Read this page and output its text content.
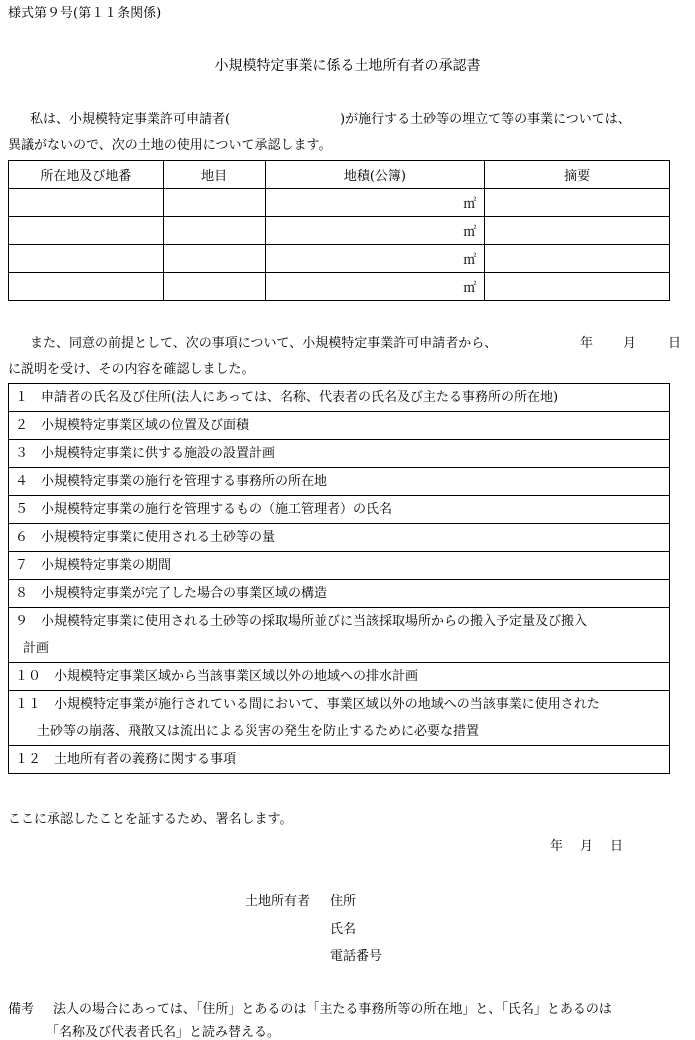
様式第９号(第１１条関係)
小規模特定事業に係る土地所有者の承認書
私は、小規模特定事業許可申請者(	)が施行する土砂等の埋立て等の事業については、
異議がないので、次の土地の使用について承認します。
所在地及び地番	地目	地積(公簿)	摘要
		㎡	
		㎡	
		㎡	
		㎡	
また、同意の前提として、次の事項について、小規模特定事業許可申請者から、	年 月 日
に説明を受け、その内容を確認しました。
１　申請者の氏名及び住所(法人にあっては、名称、代表者の氏名及び主たる事務所の所在地)
２　小規模特定事業区域の位置及び面積
３　小規模特定事業に供する施設の設置計画
４　小規模特定事業の施行を管理する事務所の所在地
５　小規模特定事業の施行を管理するもの（施工管理者）の氏名
６　小規模特定事業に使用される土砂等の量
７　小規模特定事業の期間
８　小規模特定事業が完了した場合の事業区域の構造
９　小規模特定事業に使用される土砂等の採取場所並びに当該採取場所からの搬入予定量及び搬入
計画

１０　小規模特定事業区域から当該事業区域以外の地域への排水計画
１１　小規模特定事業が施行されている間において、事業区域以外の地域への当該事業に使用された
土砂等の崩落、飛散又は流出による災害の発生を防止するために必要な措置

１２　土地所有者の義務に関する事項
ここに承認したことを証するため、署名します。
年　月　日
土地所有者 住所
氏名
電話番号
備考 法人の場合にあっては、「住所」とあるのは「主たる事務所等の所在地」と、「氏名」とあるのは
「名称及び代表者氏名」と読み替える。
